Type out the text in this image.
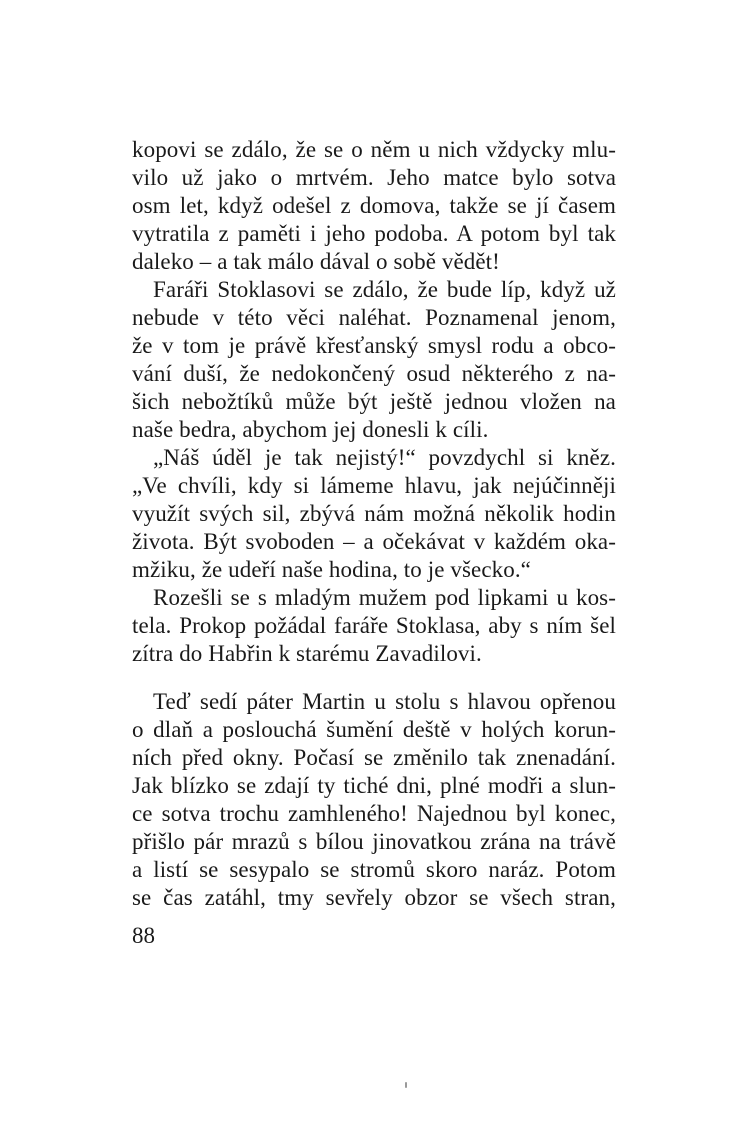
kopovi se zdálo, že se o něm u nich vždycky mlu-
vilo už jako o mrtvém. Jeho matce bylo sotva
osm let, když odešel z domova, takže se jí časem
vytratila z paměti i jeho podoba. A potom byl tak
daleko – a tak málo dával o sobě vědět!
Faráři Stoklasovi se zdálo, že bude líp, když už
nebude v této věci naléhat. Poznamenal jenom,
že v tom je právě křesťanský smysl rodu a obco-
vání duší, že nedokončený osud některého z na-
šich nebožtíků může být ještě jednou vložen na
naše bedra, abychom jej donesli k cíli.
„Náš úděl je tak nejistý!“ povzdychl si kněz.
„Ve chvíli, kdy si lámeme hlavu, jak nejúčinněji
využít svých sil, zbývá nám možná několik hodin
života. Být svoboden – a očekávat v každém oka-
mžiku, že udeří naše hodina, to je všecko.“
Rozešli se s mladým mužem pod lipkami u kos-
tela. Prokop požádal faráře Stoklasa, aby s ním šel
zítra do Habřin k starému Zavadilovi.
Teď sedí páter Martin u stolu s hlavou opřenou
o dlaň a poslouchá šumění deště v holých korun-
ních před okny. Počasí se změnilo tak znenadání.
Jak blízko se zdají ty tiché dni, plné modři a slun-
ce sotva trochu zamhleného! Najednou byl konec,
přišlo pár mrazů s bílou jinovatkou zrána na trávě
a listí se sesypalo se stromů skoro naráz. Potom
se čas zatáhl, tmy sevřely obzor se všech stran,
88
